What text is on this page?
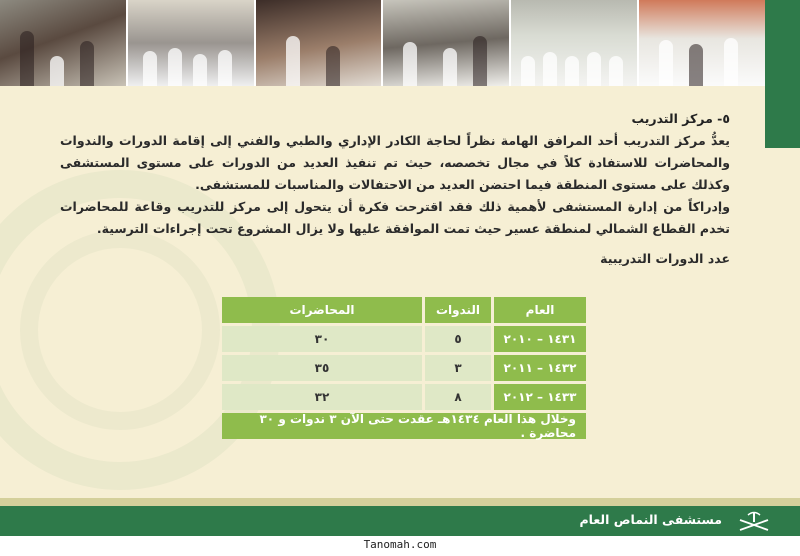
٥- مركز التدريب

يعدُّ مركز التدريب أحد المرافق الهامة نظراً لحاجة الكادر الإداري والطبي والفني إلى إقامة الدورات والندوات والمحاضرات للاستفادة كلاً في مجال تخصصه، حيث تم تنفيذ العديد من الدورات على مستوى المستشفى وكذلك على مستوى المنطقة فيما احتضن العديد من الاحتفالات والمناسبات للمستشفى.

وإدراكاً من إدارة المستشفى لأهمية ذلك فقد اقترحت فكرة أن يتحول إلى مركز للتدريب وقاعة للمحاضرات تخدم القطاع الشمالي لمنطقة عسير حيث تمت الموافقة عليها ولا يزال المشروع تحت إجراءات الترسية.

عدد الدورات التدريبية
العام
الندوات
المحاضرات
١٤٣١ – ٢٠١٠
٥
٣٠
١٤٣٢ – ٢٠١١
٣
٣٥
١٤٣٣ – ٢٠١٢
٨
٣٢
وخلال هذا العام ١٤٣٤هـ عقدت حتى الآن ٣ ندوات و ٣٠ محاضرة .
مستشفى النماص العام
Tanomah.com
